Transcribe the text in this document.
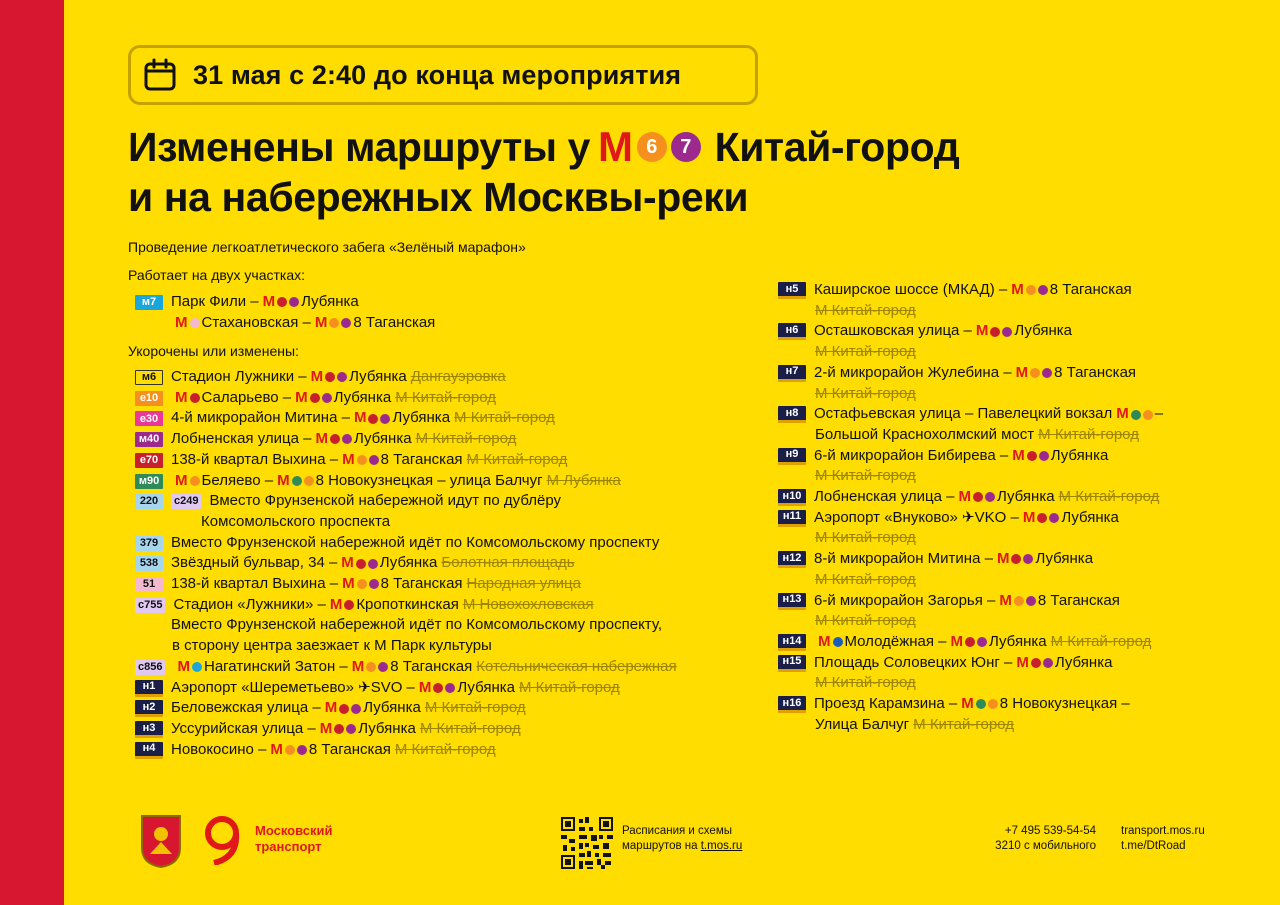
31 мая с 2:40 до конца мероприятия
Изменены маршруты у М 6	7 Китай-город
и на набережных Москвы-реки
Проведение легкоатлетического забега «Зелёный марафон»
Работает на двух участках:
м7 Парк Фили – М Лубянка
М Стахановская – М 8 Таганская
Укорочены или изменены:
м6 Стадион Лужники – М Лубянка Дангауэровка
е10	М Саларьево – М Лубянка М Китай-город
е30 4-й микрорайон Митина – М Лубянка М Китай-город
м40 Лобненская улица – М Лубянка М Китай-город
е70 138-й квартал Выхина – М 8 Таганская М Китай-город
м90 М Беляево – М 8 Новокузнецкая – улица Балчуг М Лубянка
220	с249 Вместо Фрунзенской набережной идут по дублёру
Комсомольского проспекта
379 Вместо Фрунзенской набережной идёт по Комсомольскому проспекту
538 Звёздный бульвар, 34 – М Лубянка Болотная площадь
51	138-й квартал Выхина – М 8 Таганская Народная улица
с755 Стадион «Лужники» – М Кропоткинская М Новохохловская
Вместо Фрунзенской набережной идёт по Комсомольскому проспекту,
в сторону центра заезжает к М Парк культуры
с856 М Нагатинский Затон – М 8 Таганская Котельническая набережная
н1	Аэропорт «Шереметьево» ✈SVO – М Лубянка М Китай-город
н2	Беловежская улица – М Лубянка М Китай-город
н3	Уссурийская улица – М Лубянка М Китай-город
н4	Новокосино – М 8 Таганская М Китай-город
н5	Каширское шоссе (МКАД) – М 8 Таганская
М Китай-город
н6	Осташковская улица – М Лубянка
М Китай-город
н7	2-й микрорайон Жулебина – М 8 Таганская
М Китай-город
н8	Остафьевская улица – Павелецкий вокзал М –
Большой Краснохолмский мост М Китай-город
н9	6-й микрорайон Бибирева – М Лубянка
М Китай-город
н10 Лобненская улица – М Лубянка М Китай-город
н11 Аэропорт «Внуково» ✈VKO – М Лубянка
М Китай-город
н12 8-й микрорайон Митина – М Лубянка
М Китай-город
н13 6-й микрорайон Загорья – М 8 Таганская
М Китай-город
н14	М Молодёжная – М Лубянка М Китай-город
н15 Площадь Соловецких Юнг – М Лубянка
М Китай-город
н16 Проезд Карамзина – М 8 Новокузнецкая –
Улица Балчуг М Китай-город
Московский
транспорт
Расписания и схемы
маршрутов на t.mos.ru
+7 495 539-54-54
3210 с мобильного
transport.mos.ru
t.me/DtRoad
